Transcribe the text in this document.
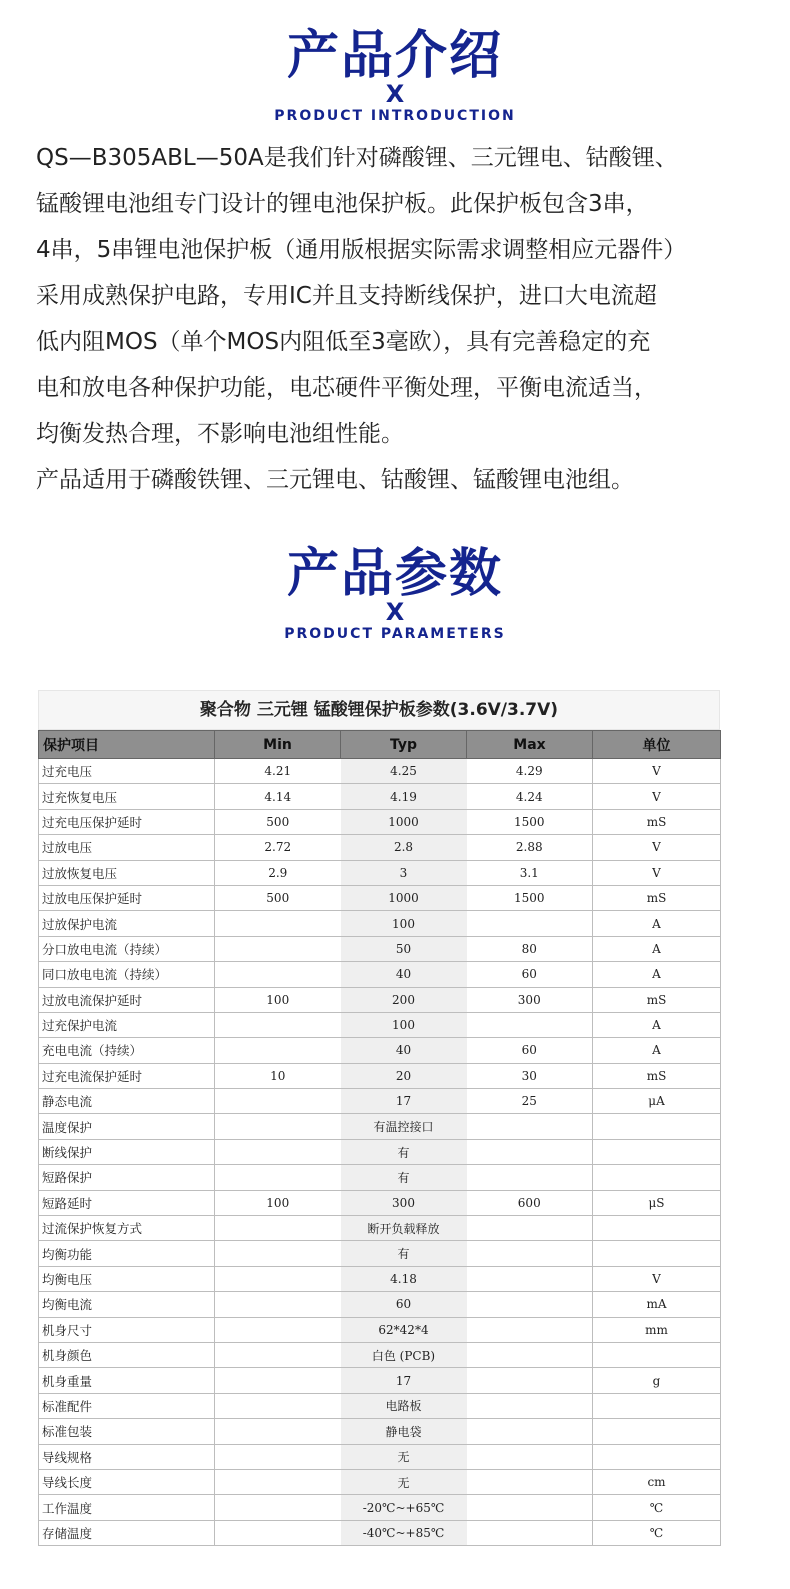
产品介绍
X
PRODUCT INTRODUCTION

QS—B305ABL—50A是我们针对磷酸锂、三元锂电、钴酸锂、

锰酸锂电池组专门设计的锂电池保护板。此保护板包含3串，

4串，5串锂电池保护板（通用版根据实际需求调整相应元器件）

采用成熟保护电路，专用IC并且支持断线保护，进口大电流超

低内阻MOS（单个MOS内阻低至3毫欧），具有完善稳定的充

电和放电各种保护功能，电芯硬件平衡处理，平衡电流适当，

均衡发热合理，不影响电池组性能。

产品适用于磷酸铁锂、三元锂电、钴酸锂、锰酸锂电池组。

产品参数
X
PRODUCT PARAMETERS
聚合物 三元锂 锰酸锂保护板参数(3.6V/3.7V)
保护项目	Min	Typ	Max	单位
过充电压	4.21	4.25	4.29	V
过充恢复电压	4.14	4.19	4.24	V
过充电压保护延时	500	1000	1500	mS
过放电压	2.72	2.8	2.88	V
过放恢复电压	2.9	3	3.1	V
过放电压保护延时	500	1000	1500	mS
过放保护电流		100		A
分口放电电流（持续）		50	80	A
同口放电电流（持续）		40	60	A
过放电流保护延时	100	200	300	mS
过充保护电流		100		A
充电电流（持续）		40	60	A
过充电流保护延时	10	20	30	mS
静态电流		17	25	μA
温度保护		有温控接口		
断线保护		有		
短路保护		有		
短路延时	100	300	600	μS
过流保护恢复方式		断开负载释放		
均衡功能		有		
均衡电压		4.18		V
均衡电流		60		mA
机身尺寸		62*42*4		mm
机身颜色		白色 (PCB)		
机身重量		17		g
标准配件		电路板		
标准包装		静电袋		
导线规格		无		
导线长度		无		cm
工作温度		-20℃~+65℃		℃
存储温度		-40℃~+85℃		℃
